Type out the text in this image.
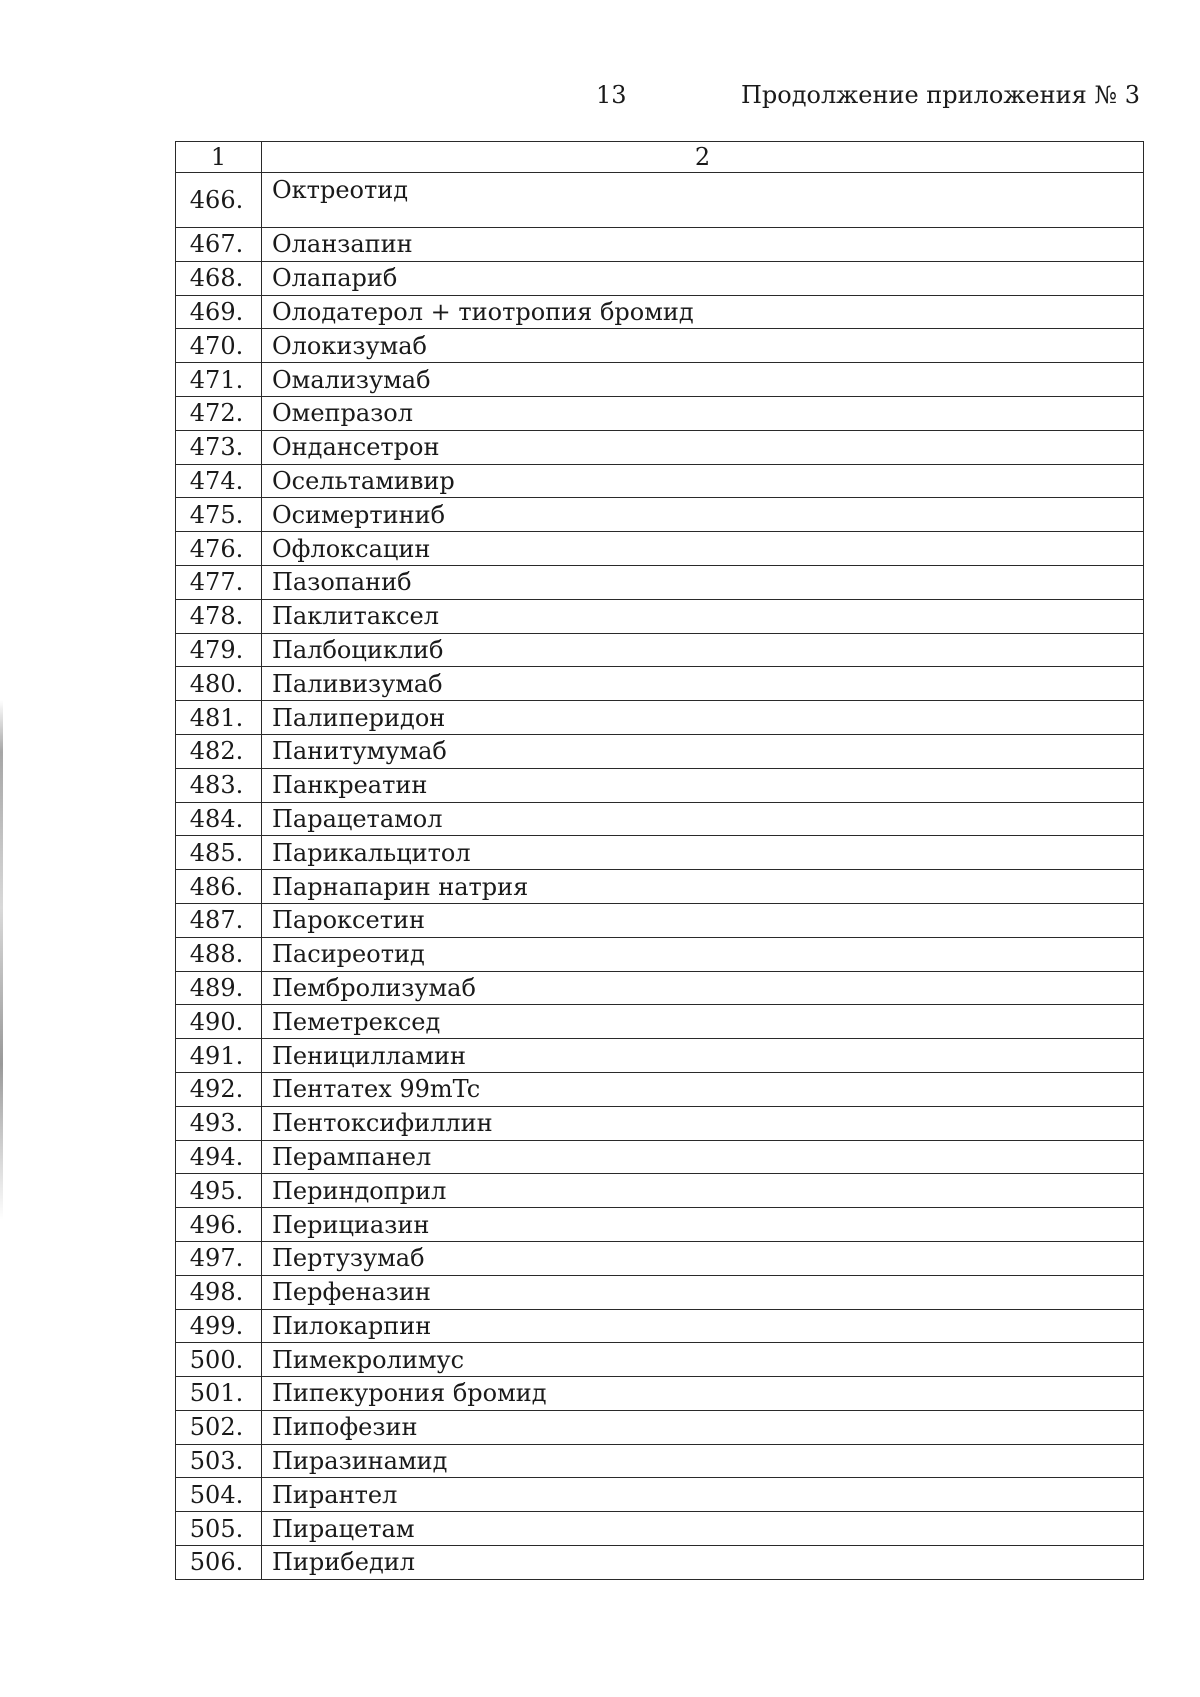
13	Продолжение приложения № 3
1	2
466.	Октреотид
467.	Оланзапин
468.	Олапариб
469.	Олодатерол + тиотропия бромид
470.	Олокизумаб
471.	Омализумаб
472.	Омепразол
473.	Ондансетрон
474.	Осельтамивир
475.	Осимертиниб
476.	Офлоксацин
477.	Пазопаниб
478.	Паклитаксел
479.	Палбоциклиб
480.	Паливизумаб
481.	Палиперидон
482.	Панитумумаб
483.	Панкреатин
484.	Парацетамол
485.	Парикальцитол
486.	Парнапарин натрия
487.	Пароксетин
488.	Пасиреотид
489.	Пембролизумаб
490.	Пеметрексед
491.	Пеницилламин
492.	Пентатех 99mTc
493.	Пентоксифиллин
494.	Перампанел
495.	Периндоприл
496.	Перициазин
497.	Пертузумаб
498.	Перфеназин
499.	Пилокарпин
500.	Пимекролимус
501.	Пипекурония бромид
502.	Пипофезин
503.	Пиразинамид
504.	Пирантел
505.	Пирацетам
506.	Пирибедил
